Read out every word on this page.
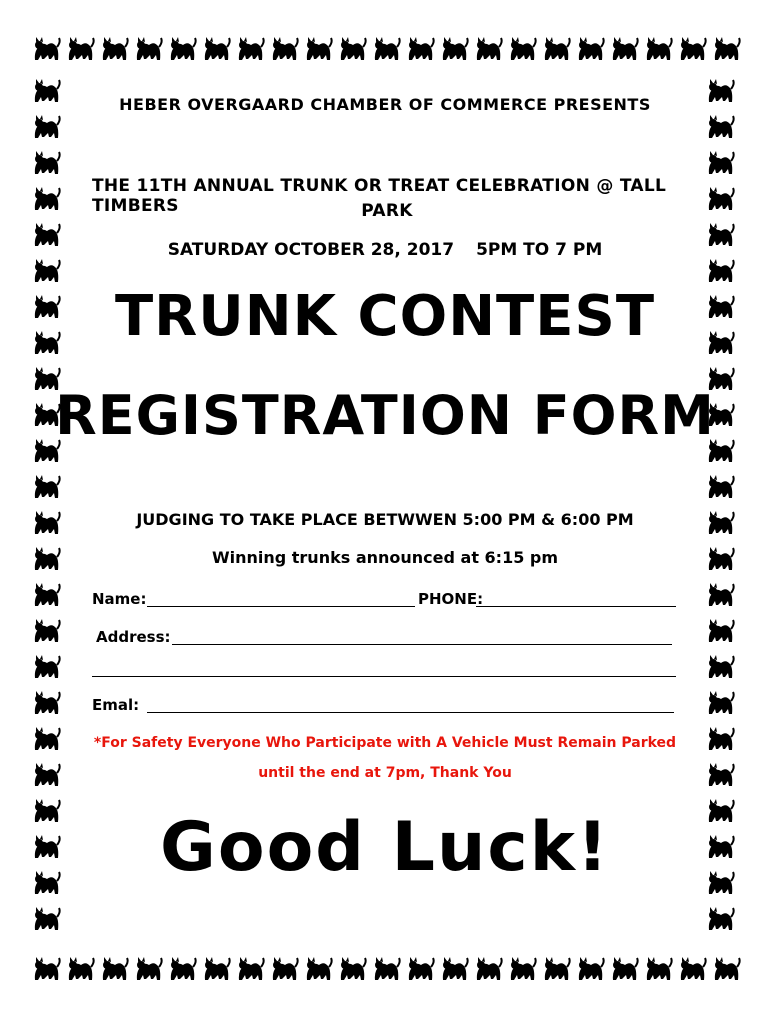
HEBER OVERGAARD CHAMBER OF COMMERCE PRESENTS
THE 11TH ANNUAL TRUNK OR TREAT CELEBRATION @ TALL TIMBERS	PARK
SATURDAY OCTOBER 28, 2017 5PM TO 7 PM
TRUNK CONTEST
REGISTRATION FORM
JUDGING TO TAKE PLACE BETWWEN 5:00 PM & 6:00 PM
Winning trunks announced at 6:15 pm
Name:	PHONE:
Address:
Emal:
*For Safety Everyone Who Participate with A Vehicle Must Remain Parked
until the end at 7pm, Thank You
Good Luck!
